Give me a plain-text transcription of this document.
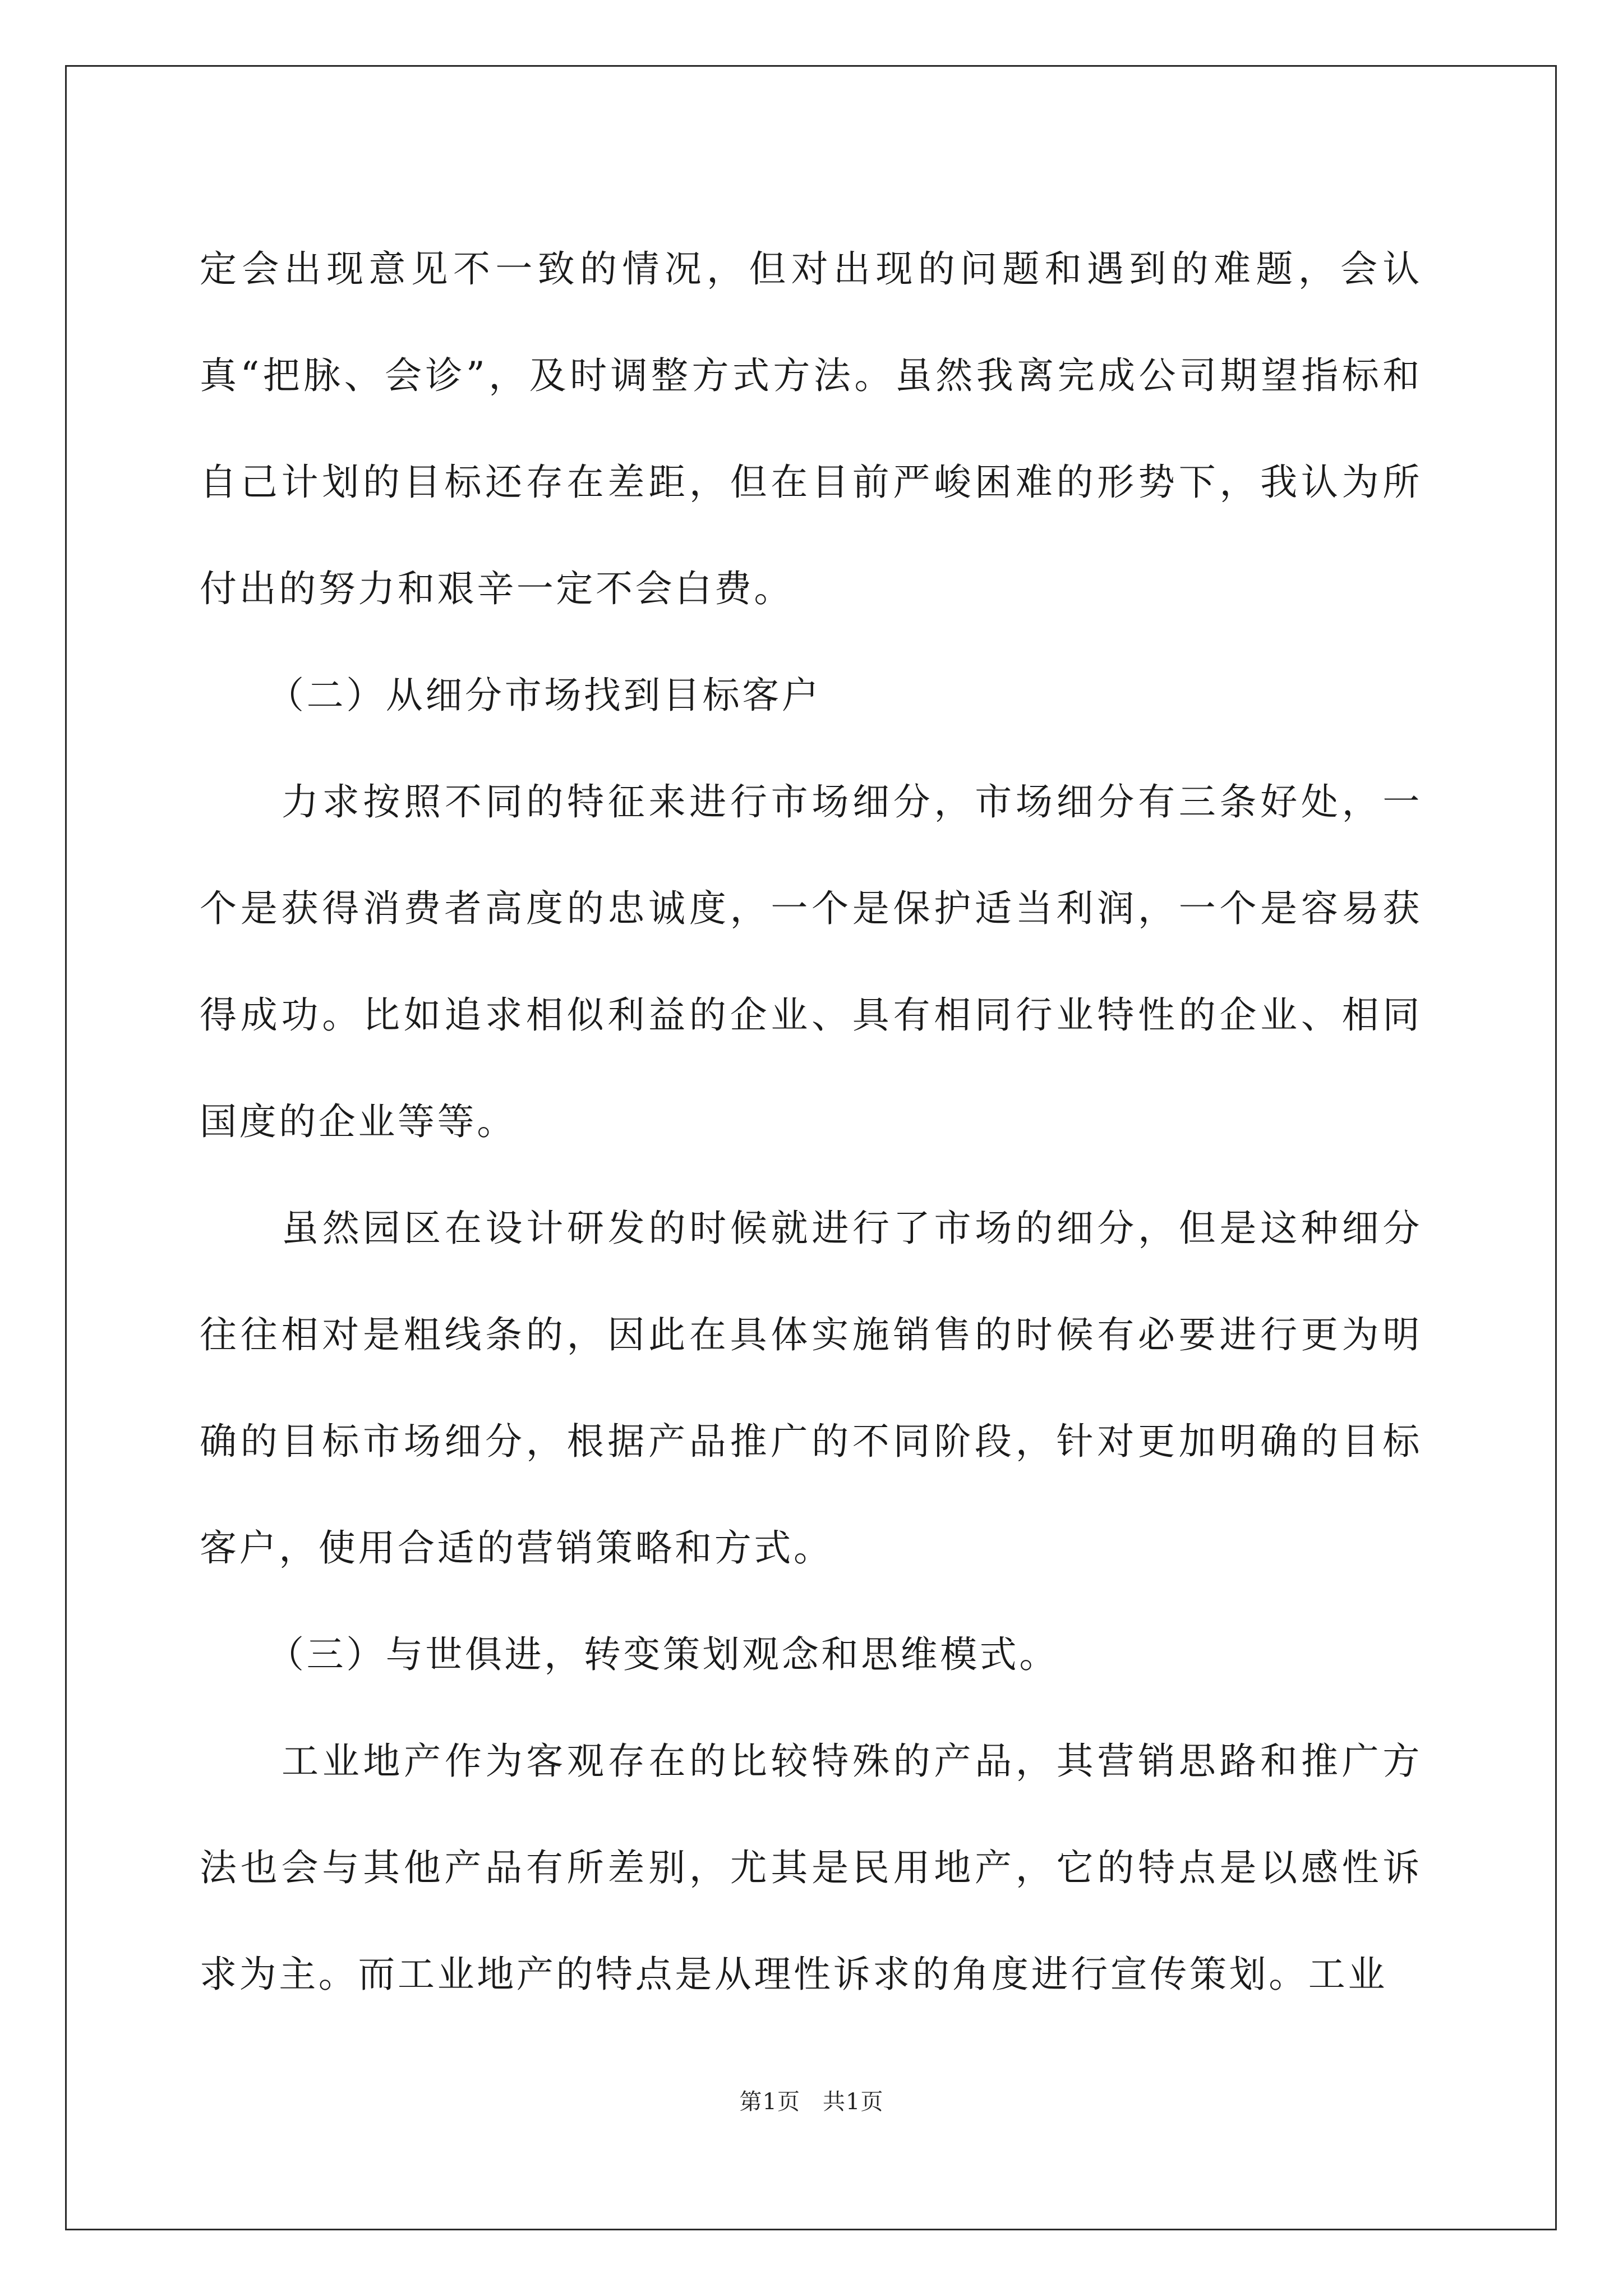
定会出现意见不一致的情况，但对出现的问题和遇到的难题，会认真“把脉、会诊”，及时调整方式方法。虽然我离完成公司期望指标和自己计划的目标还存在差距，但在目前严峻困难的形势下，我认为所付出的努力和艰辛一定不会白费。

（二）从细分市场找到目标客户

力求按照不同的特征来进行市场细分，市场细分有三条好处，一个是获得消费者高度的忠诚度，一个是保护适当利润，一个是容易获得成功。比如追求相似利益的企业、具有相同行业特性的企业、相同国度的企业等等。

虽然园区在设计研发的时候就进行了市场的细分，但是这种细分往往相对是粗线条的，因此在具体实施销售的时候有必要进行更为明确的目标市场细分，根据产品推广的不同阶段，针对更加明确的目标客户，使用合适的营销策略和方式。

（三）与世俱进，转变策划观念和思维模式。

工业地产作为客观存在的比较特殊的产品，其营销思路和推广方法也会与其他产品有所差别，尤其是民用地产，它的特点是以感性诉求为主。而工业地产的特点是从理性诉求的角度进行宣传策划。工业

第1页 共1页
